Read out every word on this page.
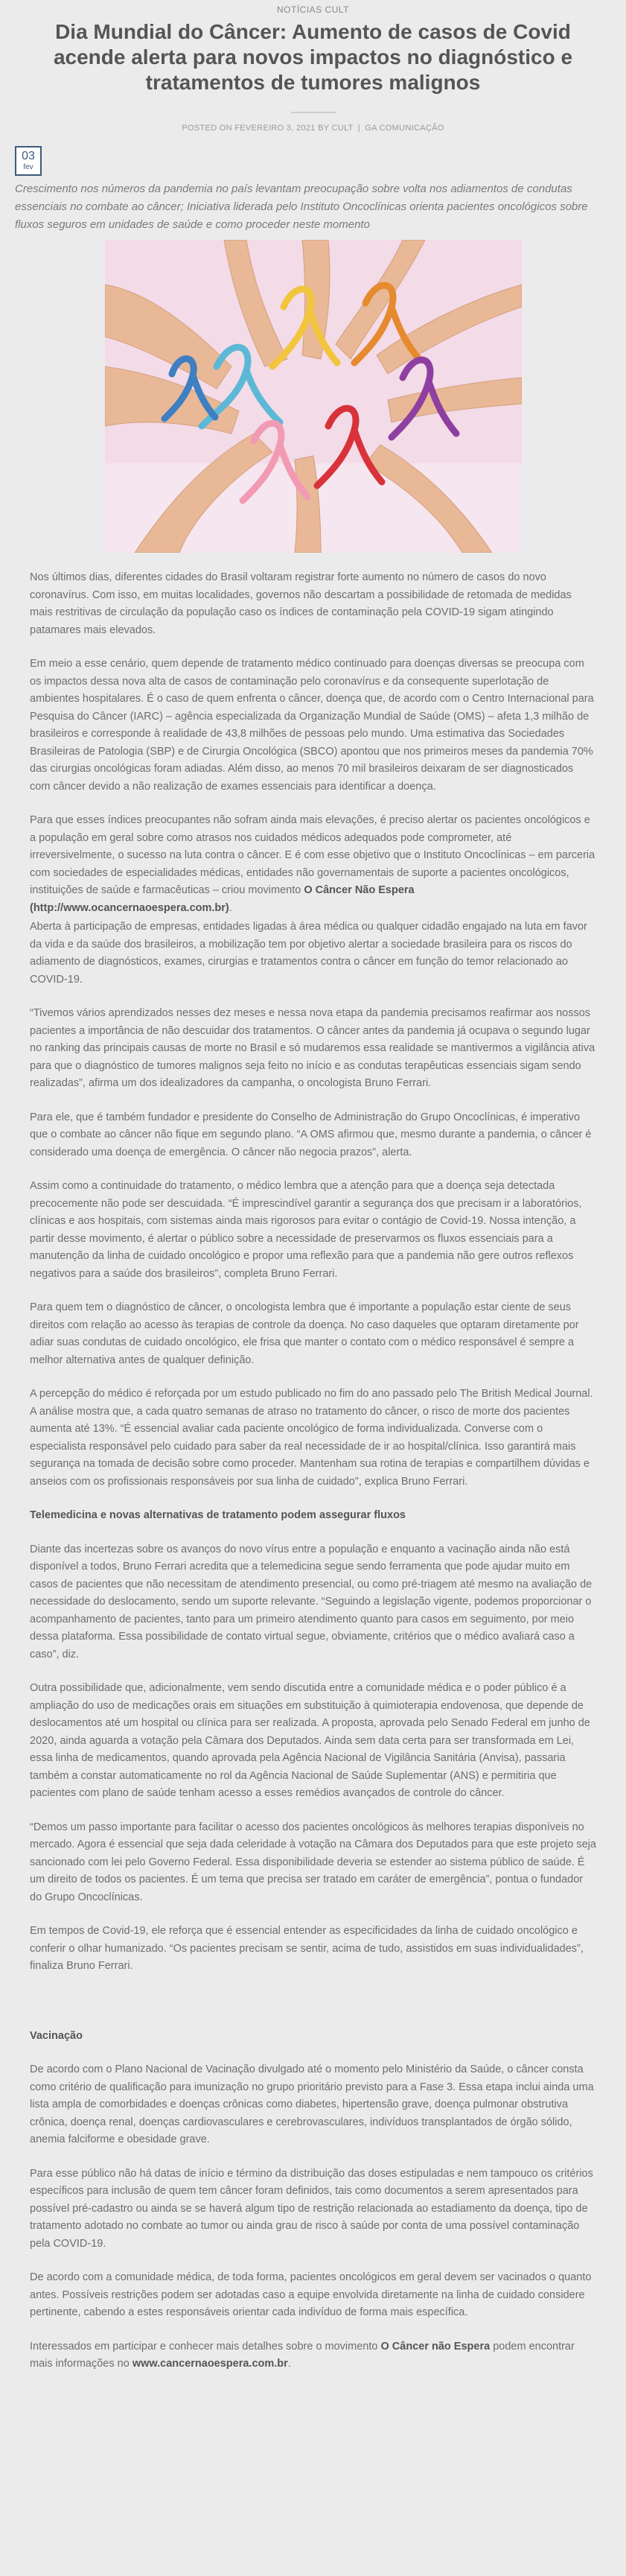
NOTÍCIAS CULT
Dia Mundial do Câncer: Aumento de casos de Covid acende alerta para novos impactos no diagnóstico e tratamentos de tumores malignos
POSTED ON FEVEREIRO 3, 2021 BY CULT | GA COMUNICAÇÃO
03
fev
Crescimento nos números da pandemia no país levantam preocupação sobre volta nos adiamentos de condutas essenciais no combate ao câncer; Iniciativa liderada pelo Instituto Oncoclínicas orienta pacientes oncológicos sobre fluxos seguros em unidades de saúde e como proceder neste momento

Nos últimos dias, diferentes cidades do Brasil voltaram registrar forte aumento no número de casos do novo coronavírus. Com isso, em muitas localidades, governos não descartam a possibilidade de retomada de medidas mais restritivas de circulação da população caso os índices de contaminação pela COVID-19 sigam atingindo patamares mais elevados.

Em meio a esse cenário, quem depende de tratamento médico continuado para doenças diversas se preocupa com os impactos dessa nova alta de casos de contaminação pelo coronavírus e da consequente superlotação de ambientes hospitalares. É o caso de quem enfrenta o câncer, doença que, de acordo com o Centro Internacional para Pesquisa do Câncer (IARC) – agência especializada da Organização Mundial de Saúde (OMS) – afeta 1,3 milhão de brasileiros e corresponde à realidade de 43,8 milhões de pessoas pelo mundo. Uma estimativa das Sociedades Brasileiras de Patologia (SBP) e de Cirurgia Oncológica (SBCO) apontou que nos primeiros meses da pandemia 70% das cirurgias oncológicas foram adiadas. Além disso, ao menos 70 mil brasileiros deixaram de ser diagnosticados com câncer devido a não realização de exames essenciais para identificar a doença.

Para que esses índices preocupantes não sofram ainda mais elevações, é preciso alertar os pacientes oncológicos e a população em geral sobre como atrasos nos cuidados médicos adequados pode comprometer, até irreversivelmente, o sucesso na luta contra o câncer. E é com esse objetivo que o Instituto Oncoclínicas – em parceria com sociedades de especialidades médicas, entidades não governamentais de suporte a pacientes oncológicos, instituições de saúde e farmacêuticas – criou movimento O Câncer Não Espera (http://www.ocancernaoespera.com.br).

Aberta à participação de empresas, entidades ligadas à área médica ou qualquer cidadão engajado na luta em favor da vida e da saúde dos brasileiros, a mobilização tem por objetivo alertar a sociedade brasileira para os riscos do adiamento de diagnósticos, exames, cirurgias e tratamentos contra o câncer em função do temor relacionado ao COVID-19.

“Tivemos vários aprendizados nesses dez meses e nessa nova etapa da pandemia precisamos reafirmar aos nossos pacientes a importância de não descuidar dos tratamentos. O câncer antes da pandemia já ocupava o segundo lugar no ranking das principais causas de morte no Brasil e só mudaremos essa realidade se mantivermos a vigilância ativa para que o diagnóstico de tumores malignos seja feito no início e as condutas terapêuticas essenciais sigam sendo realizadas”, afirma um dos idealizadores da campanha, o oncologista Bruno Ferrari.

Para ele, que é também fundador e presidente do Conselho de Administração do Grupo Oncoclínicas, é imperativo que o combate ao câncer não fique em segundo plano. “A OMS afirmou que, mesmo durante a pandemia, o câncer é considerado uma doença de emergência. O câncer não negocia prazos”, alerta.

Assim como a continuidade do tratamento, o médico lembra que a atenção para que a doença seja detectada precocemente não pode ser descuidada. “É imprescindível garantir a segurança dos que precisam ir a laboratórios, clínicas e aos hospitais, com sistemas ainda mais rigorosos para evitar o contágio de Covid-19. Nossa intenção, a partir desse movimento, é alertar o público sobre a necessidade de preservarmos os fluxos essenciais para a manutenção da linha de cuidado oncológico e propor uma reflexão para que a pandemia não gere outros reflexos negativos para a saúde dos brasileiros”, completa Bruno Ferrari.

Para quem tem o diagnóstico de câncer, o oncologista lembra que é importante a população estar ciente de seus direitos com relação ao acesso às terapias de controle da doença. No caso daqueles que optaram diretamente por adiar suas condutas de cuidado oncológico, ele frisa que manter o contato com o médico responsável é sempre a melhor alternativa antes de qualquer definição.

A percepção do médico é reforçada por um estudo publicado no fim do ano passado pelo The British Medical Journal. A análise mostra que, a cada quatro semanas de atraso no tratamento do câncer, o risco de morte dos pacientes aumenta até 13%. “É essencial avaliar cada paciente oncológico de forma individualizada. Converse com o especialista responsável pelo cuidado para saber da real necessidade de ir ao hospital/clínica. Isso garantirá mais segurança na tomada de decisão sobre como proceder. Mantenham sua rotina de terapias e compartilhem dúvidas e anseios com os profissionais responsáveis por sua linha de cuidado”, explica Bruno Ferrari.

Telemedicina e novas alternativas de tratamento podem assegurar fluxos

Diante das incertezas sobre os avanços do novo vírus entre a população e enquanto a vacinação ainda não está disponível a todos, Bruno Ferrari acredita que a telemedicina segue sendo ferramenta que pode ajudar muito em casos de pacientes que não necessitam de atendimento presencial, ou como pré-triagem até mesmo na avaliação de necessidade do deslocamento, sendo um suporte relevante. “Seguindo a legislação vigente, podemos proporcionar o acompanhamento de pacientes, tanto para um primeiro atendimento quanto para casos em seguimento, por meio dessa plataforma. Essa possibilidade de contato virtual segue, obviamente, critérios que o médico avaliará caso a caso”, diz.

Outra possibilidade que, adicionalmente, vem sendo discutida entre a comunidade médica e o poder público é a ampliação do uso de medicações orais em situações em substituição à quimioterapia endovenosa, que depende de deslocamentos até um hospital ou clínica para ser realizada. A proposta, aprovada pelo Senado Federal em junho de 2020, ainda aguarda a votação pela Câmara dos Deputados. Ainda sem data certa para ser transformada em Lei, essa linha de medicamentos, quando aprovada pela Agência Nacional de Vigilância Sanitária (Anvisa), passaria também a constar automaticamente no rol da Agência Nacional de Saúde Suplementar (ANS) e permitiria que pacientes com plano de saúde tenham acesso a esses remédios avançados de controle do câncer.

“Demos um passo importante para facilitar o acesso dos pacientes oncológicos às melhores terapias disponíveis no mercado. Agora é essencial que seja dada celeridade à votação na Câmara dos Deputados para que este projeto seja sancionado com lei pelo Governo Federal. Essa disponibilidade deveria se estender ao sistema público de saúde. É um direito de todos os pacientes. É um tema que precisa ser tratado em caráter de emergência”, pontua o fundador do Grupo Oncoclínicas.

Em tempos de Covid-19, ele reforça que é essencial entender as especificidades da linha de cuidado oncológico e conferir o olhar humanizado. “Os pacientes precisam se sentir, acima de tudo, assistidos em suas individualidades”, finaliza Bruno Ferrari.

Vacinação

De acordo com o Plano Nacional de Vacinação divulgado até o momento pelo Ministério da Saúde, o câncer consta como critério de qualificação para imunização no grupo prioritário previsto para a Fase 3. Essa etapa inclui ainda uma lista ampla de comorbidades e doenças crônicas como diabetes, hipertensão grave, doença pulmonar obstrutiva crônica, doença renal, doenças cardiovasculares e cerebrovasculares, indivíduos transplantados de órgão sólido, anemia falciforme e obesidade grave.

Para esse público não há datas de início e término da distribuição das doses estipuladas e nem tampouco os critérios específicos para inclusão de quem tem câncer foram definidos, tais como documentos a serem apresentados para possível pré-cadastro ou ainda se se haverá algum tipo de restrição relacionada ao estadiamento da doença, tipo de tratamento adotado no combate ao tumor ou ainda grau de risco à saúde por conta de uma possível contaminação pela COVID-19.

De acordo com a comunidade médica, de toda forma, pacientes oncológicos em geral devem ser vacinados o quanto antes. Possíveis restrições podem ser adotadas caso a equipe envolvida diretamente na linha de cuidado considere pertinente, cabendo a estes responsáveis orientar cada indivíduo de forma mais específica.

Interessados em participar e conhecer mais detalhes sobre o movimento O Câncer não Espera podem encontrar mais informações no www.cancernaoespera.com.br.
